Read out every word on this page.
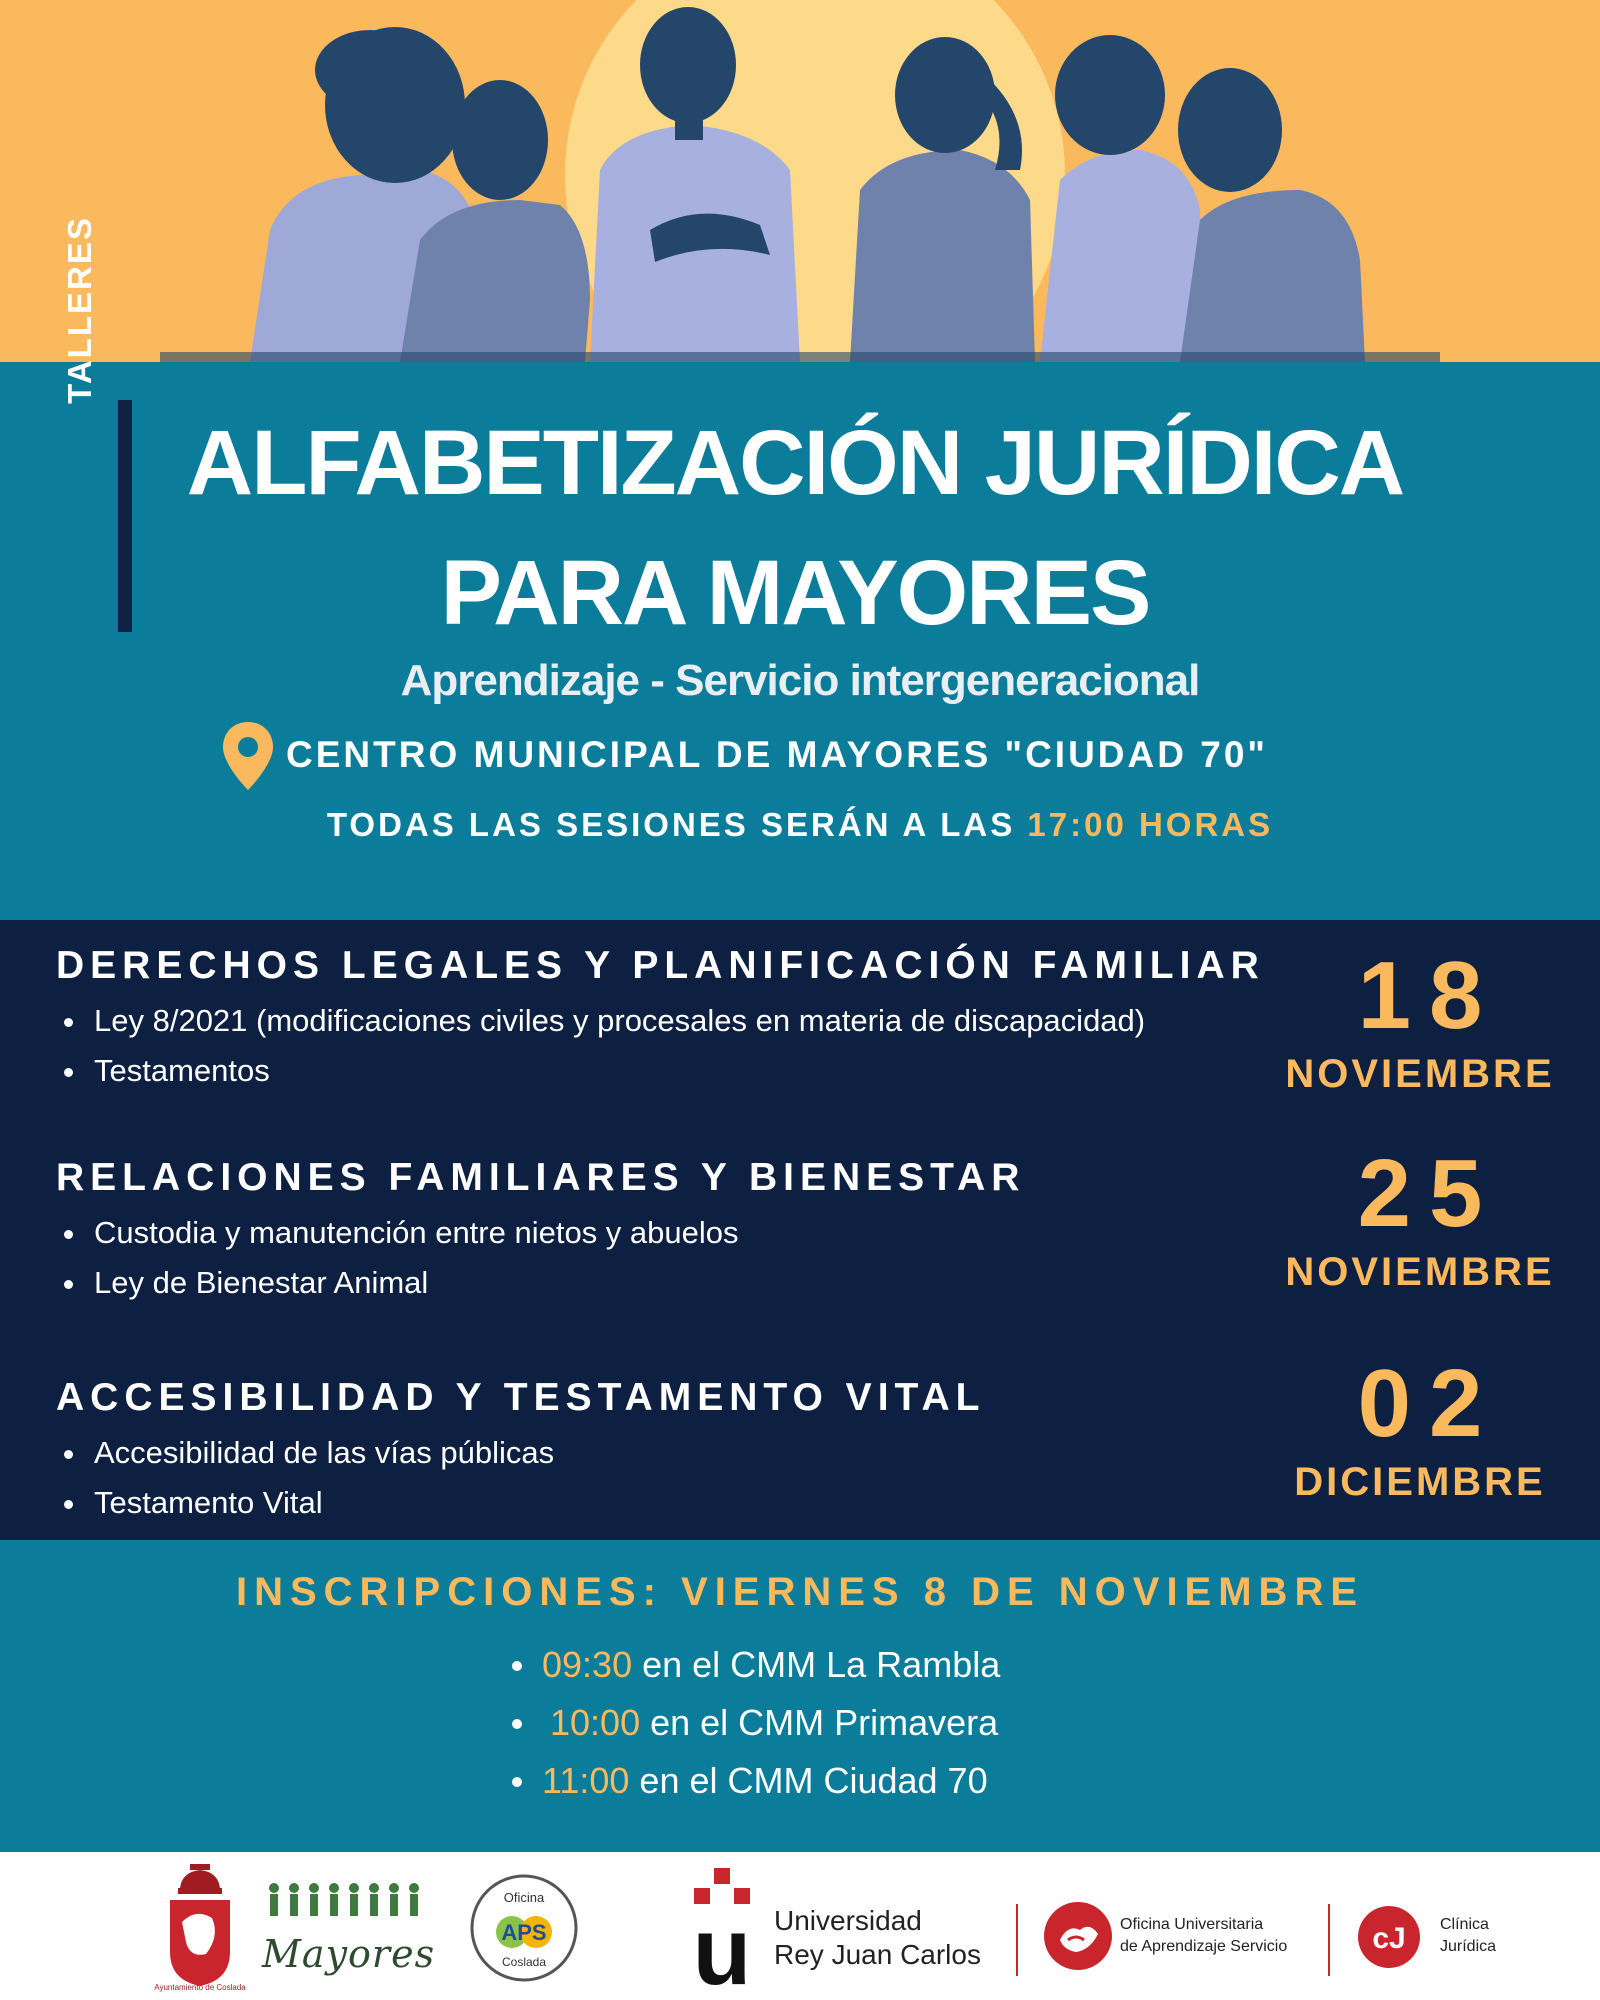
TALLERES
ALFABETIZACIÓN JURÍDICA
PARA MAYORES
Aprendizaje - Servicio intergeneracional
CENTRO MUNICIPAL DE MAYORES "CIUDAD 70"
TODAS LAS SESIONES SERÁN A LAS 17:00 HORAS
DERECHOS LEGALES Y PLANIFICACIÓN FAMILIAR
Ley 8/2021 (modificaciones civiles y procesales en materia de discapacidad)
Testamentos
18
NOVIEMBRE
RELACIONES FAMILIARES Y BIENESTAR
Custodia y manutención entre nietos y abuelos
Ley de Bienestar Animal
25
NOVIEMBRE
ACCESIBILIDAD Y TESTAMENTO VITAL
Accesibilidad de las vías públicas
Testamento Vital
02
DICIEMBRE
INSCRIPCIONES: VIERNES 8 DE NOVIEMBRE
09:30 en el CMM La Rambla
10:00 en el CMM Primavera
11:00 en el CMM Ciudad 70
Ayuntamiento de Coslada
Mayores
Oficina
APS
Coslada u Universidad
Rey Juan Carlos
Oficina Universitaria
de Aprendizaje Servicio	cJ Clínica
Jurídica
